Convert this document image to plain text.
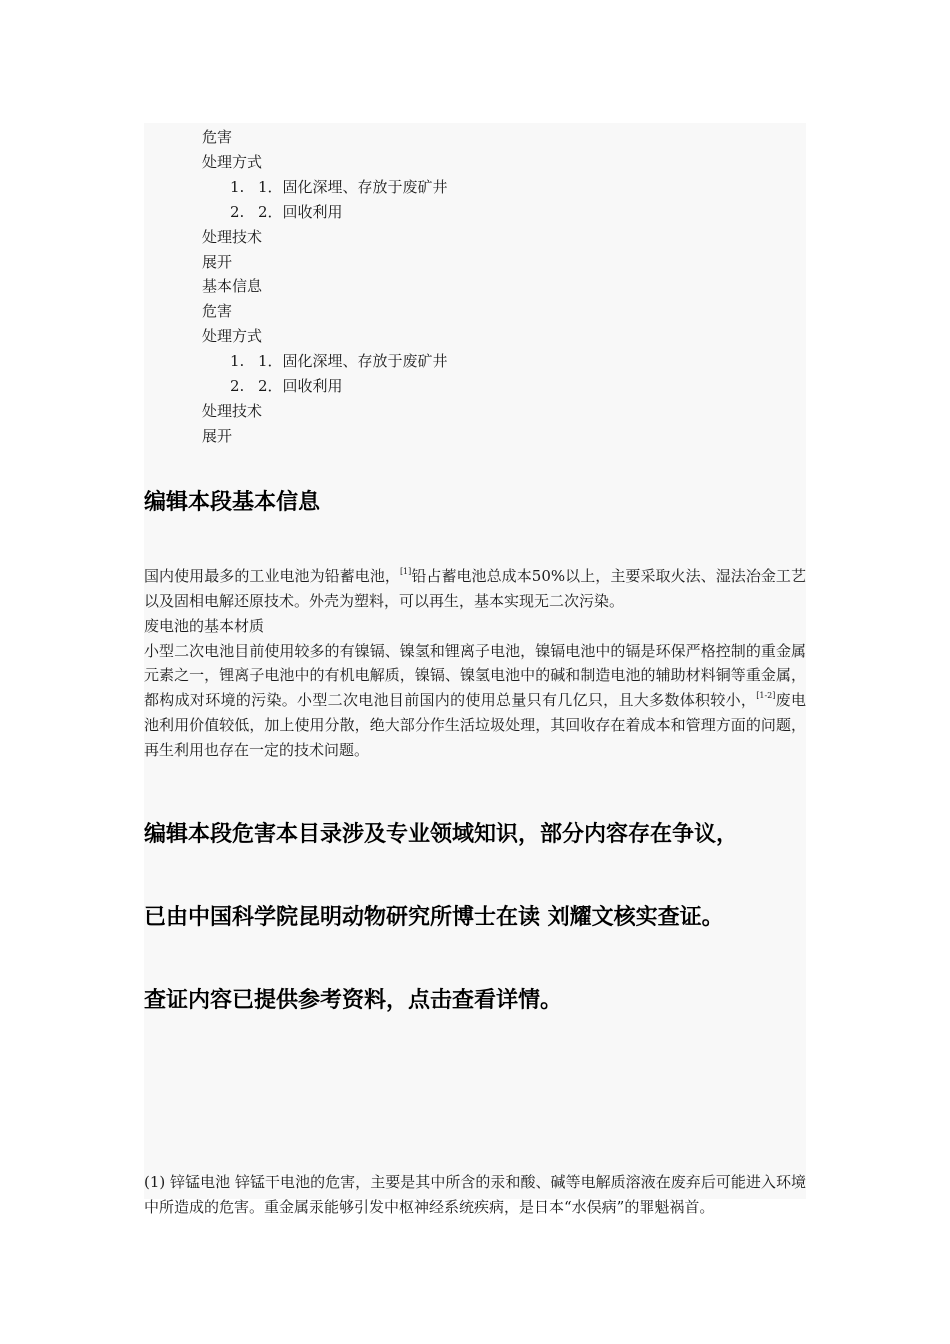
危害
处理方式
1. 1．固化深埋、存放于废矿井
2. 2．回收利用
处理技术
展开
基本信息
危害
处理方式
1. 1．固化深埋、存放于废矿井
2. 2．回收利用
处理技术
展开
编辑本段基本信息

国内使用最多的工业电池为铅蓄电池，[1]铅占蓄电池总成本50%以上，主要采取火法、湿法冶金工艺以及固相电解还原技术。外壳为塑料，可以再生，基本实现无二次污染。

废电池的基本材质

小型二次电池目前使用较多的有镍镉、镍氢和锂离子电池，镍镉电池中的镉是环保严格控制的重金属元素之一，锂离子电池中的有机电解质，镍镉、镍氢电池中的碱和制造电池的辅助材料铜等重金属，都构成对环境的污染。小型二次电池目前国内的使用总量只有几亿只，且大多数体积较小，[1-2]废电池利用价值较低，加上使用分散，绝大部分作生活垃圾处理，其回收存在着成本和管理方面的问题，再生利用也存在一定的技术问题。

编辑本段危害本目录涉及专业领域知识，部分内容存在争议，
已由中国科学院昆明动物研究所博士在读 刘耀文核实查证。
查证内容已提供参考资料，点击查看详情。

(1) 锌锰电池 锌锰干电池的危害，主要是其中所含的汞和酸、碱等电解质溶液在废弃后可能进入环境中所造成的危害。重金属汞能够引发中枢神经系统疾病，是日本“水俣病”的罪魁祸首。
